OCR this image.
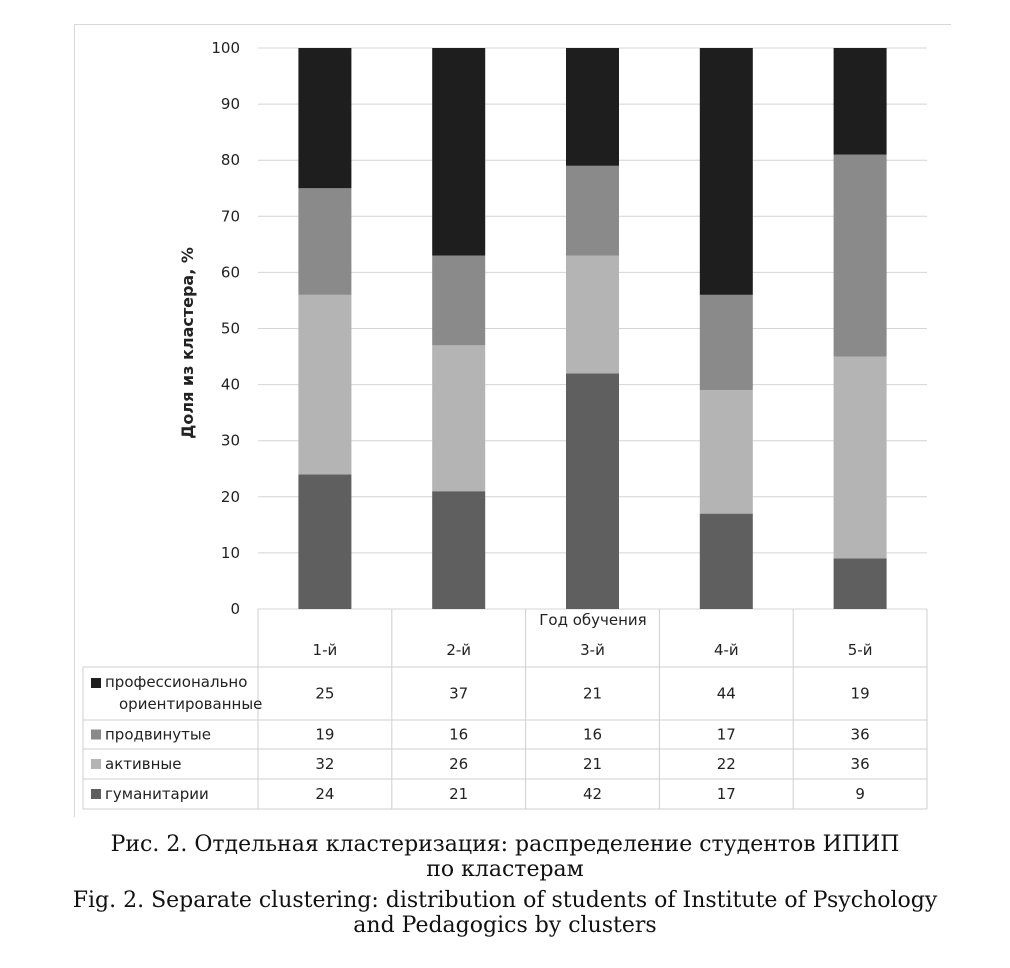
0
10
20
30
40
50
60
70
80
90
100
1-й	2-й	3-й	4-й	5-й
профессионально
ориентированные
25	37	21	44	19
продвинутые	19	16	16	17	36
активные	32	26	21	22	36
гуманитарии	24	21	42	17	9
Доля из кластера, %
Год обучения
Рис. 2. Отдельная кластеризация: распределение студентов ИПИП
по кластерам
Fig. 2. Separate clustering: distribution of students of Institute of Psychology
and Pedagogics by clusters
